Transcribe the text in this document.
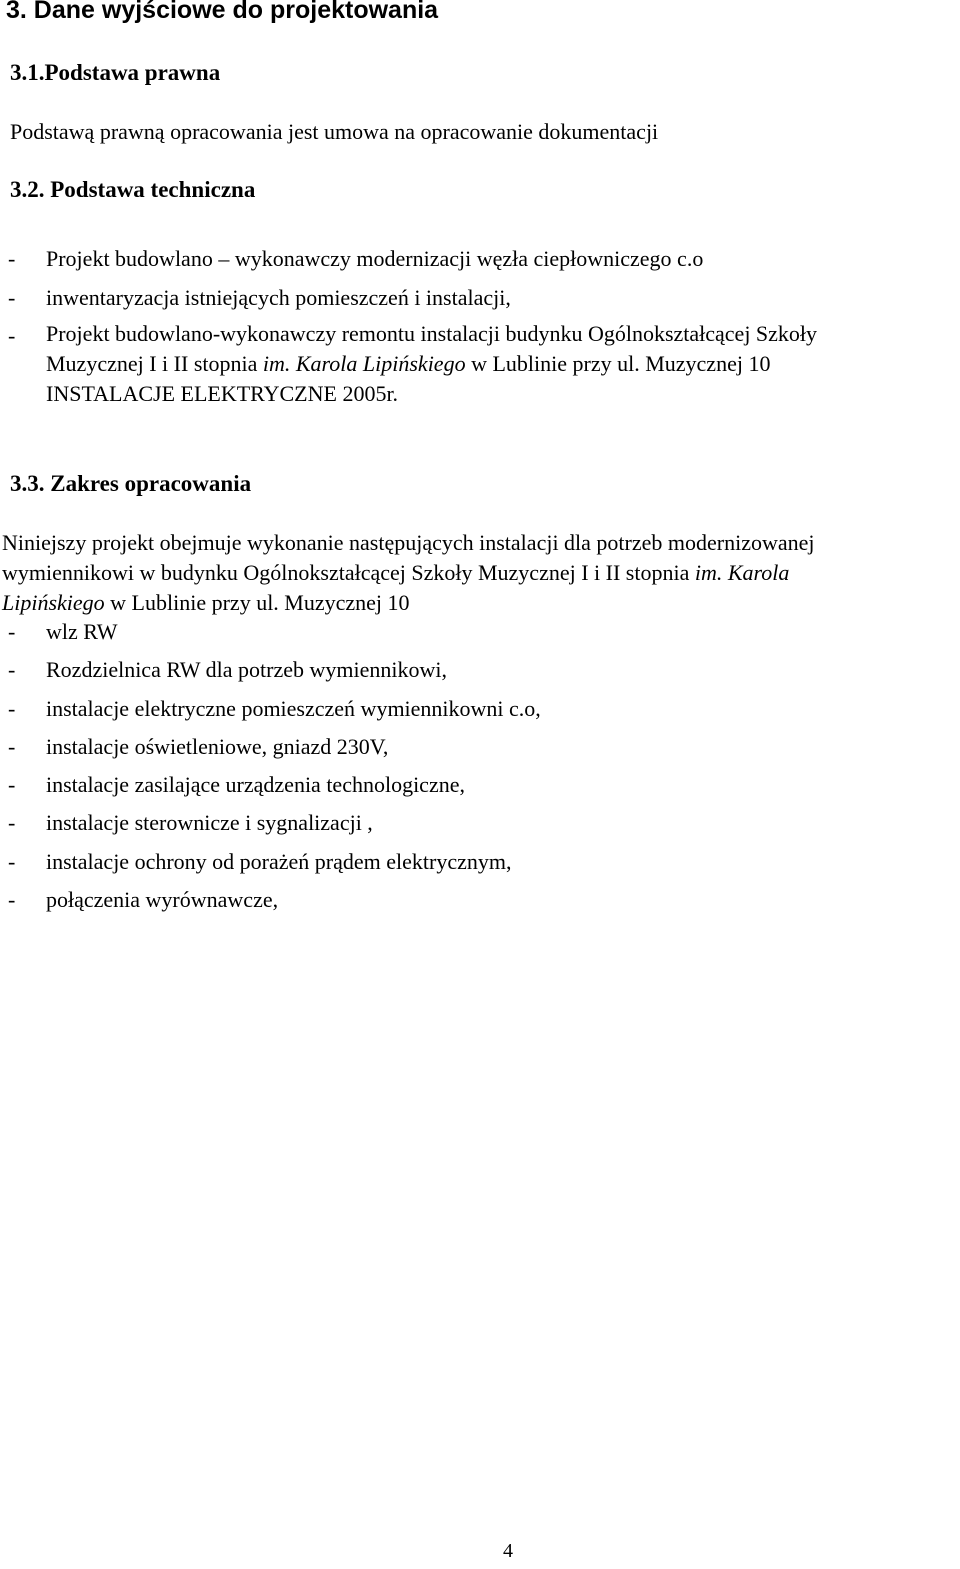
3. Dane wyjściowe do projektowania
3.1.Podstawa prawna
Podstawą prawną opracowania jest umowa na opracowanie dokumentacji
3.2. Podstawa techniczna
- Projekt budowlano – wykonawczy modernizacji węzła ciepłowniczego c.o
- inwentaryzacja istniejących pomieszczeń i instalacji,
- Projekt budowlano-wykonawczy remontu instalacji budynku Ogólnokształcącej Szkoły
Muzycznej I i II stopnia im. Karola Lipińskiego w Lublinie przy ul. Muzycznej 10
INSTALACJE ELEKTRYCZNE 2005r.
3.3. Zakres opracowania
Niniejszy projekt obejmuje wykonanie następujących instalacji dla potrzeb modernizowanej
wymiennikowi w budynku Ogólnokształcącej Szkoły Muzycznej I i II stopnia im. Karola
Lipińskiego w Lublinie przy ul. Muzycznej 10
- wlz RW
- Rozdzielnica RW dla potrzeb wymiennikowi,
- instalacje elektryczne pomieszczeń wymiennikowni c.o,
- instalacje oświetleniowe, gniazd 230V,
- instalacje zasilające urządzenia technologiczne,
- instalacje sterownicze i sygnalizacji ,
- instalacje ochrony od porażeń prądem elektrycznym,
- połączenia wyrównawcze,
4
